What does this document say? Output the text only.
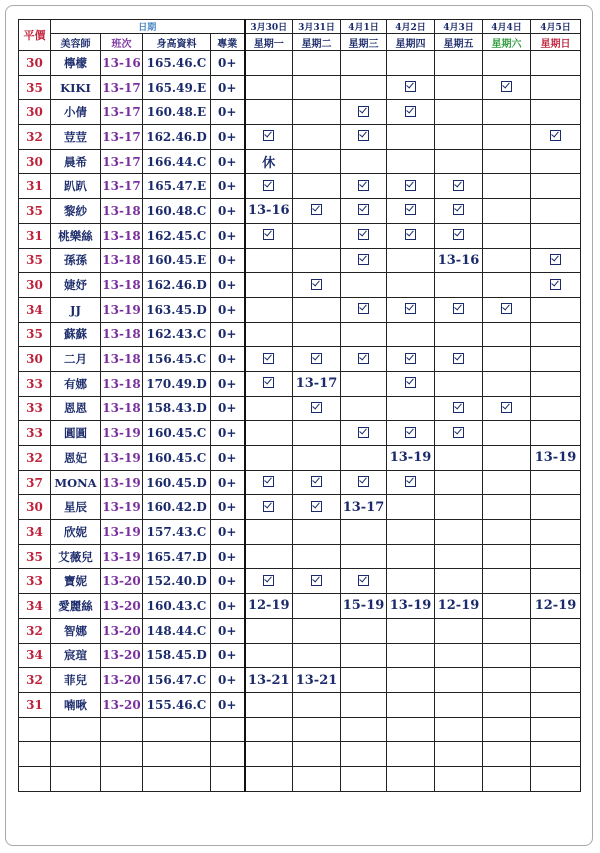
平價	日期				3月30日	3月31日	4月1日	4月2日	4月3日	4月4日	4月5日
	美容師	班次	身高資料	專業	星期一	星期二	星期三	星期四	星期五	星期六	星期日
30	檸檬	13-16	165.46.C	0+							
35	KIKI	13-17	165.49.E	0+							
30	小倩	13-17	160.48.E	0+							
32	荳荳	13-17	162.46.D	0+							
30	晨希	13-17	166.44.C	0+	休						
31	趴趴	13-17	165.47.E	0+							
35	黎紗	13-18	160.48.C	0+	13-16						
31	桃樂絲	13-18	162.45.C	0+							
35	孫孫	13-18	160.45.E	0+					13-16		
30	婕妤	13-18	162.46.D	0+							
34	JJ	13-19	163.45.D	0+							
35	蘇蘇	13-18	162.43.C	0+							
30	二月	13-18	156.45.C	0+							
33	有娜	13-18	170.49.D	0+		13-17					
33	恩恩	13-18	158.43.D	0+							
33	圓圓	13-19	160.45.C	0+							
32	恩妃	13-19	160.45.C	0+				13-19			13-19
37	MONA	13-19	160.45.D	0+							
30	星辰	13-19	160.42.D	0+			13-17				
34	欣妮	13-19	157.43.C	0+							
35	艾薇兒	13-19	165.47.D	0+							
33	寶妮	13-20	152.40.D	0+							
34	愛麗絲	13-20	160.43.C	0+	12-19		15-19	13-19	12-19		12-19
32	智娜	13-20	148.44.C	0+							
34	宸瑄	13-20	158.45.D	0+							
32	菲兒	13-20	156.47.C	0+	13-21	13-21					
31	喃啾	13-20	155.46.C	0+							
